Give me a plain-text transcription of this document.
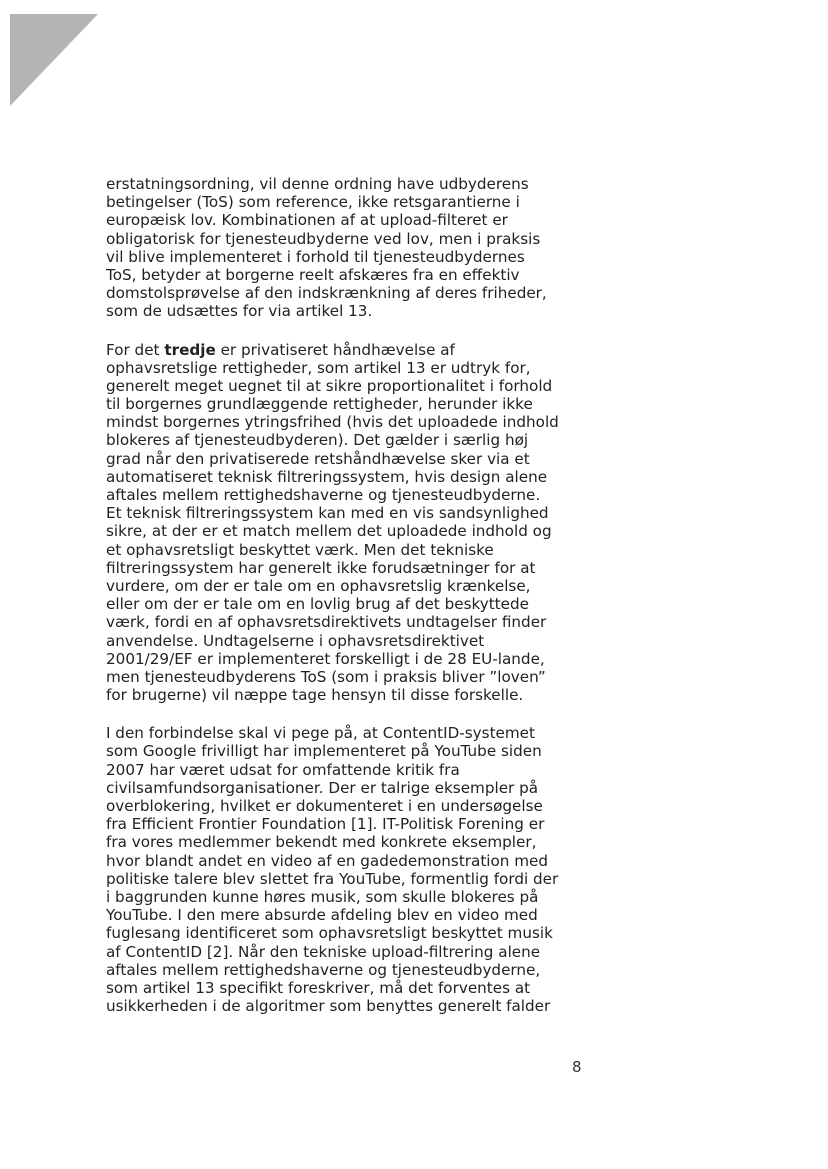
erstatningsordning, vil denne ordning have udbyderens
betingelser (ToS) som reference, ikke retsgarantierne i
europæisk lov. Kombinationen af at upload-filteret er
obligatorisk for tjenesteudbyderne ved lov, men i praksis
vil blive implementeret i forhold til tjenesteudbydernes
ToS, betyder at borgerne reelt afskæres fra en effektiv
domstolsprøvelse af den indskrænkning af deres friheder,
som de udsættes for via artikel 13.
For det tredje er privatiseret håndhævelse af
ophavsretslige rettigheder, som artikel 13 er udtryk for,
generelt meget uegnet til at sikre proportionalitet i forhold
til borgernes grundlæggende rettigheder, herunder ikke
mindst borgernes ytringsfrihed (hvis det uploadede indhold
blokeres af tjenesteudbyderen). Det gælder i særlig høj
grad når den privatiserede retshåndhævelse sker via et
automatiseret teknisk filtreringssystem, hvis design alene
aftales mellem rettighedshaverne og tjenesteudbyderne.
Et teknisk filtreringssystem kan med en vis sandsynlighed
sikre, at der er et match mellem det uploadede indhold og
et ophavsretsligt beskyttet værk. Men det tekniske
filtreringssystem har generelt ikke forudsætninger for at
vurdere, om der er tale om en ophavsretslig krænkelse,
eller om der er tale om en lovlig brug af det beskyttede
værk, fordi en af ophavsretsdirektivets undtagelser finder
anvendelse. Undtagelserne i ophavsretsdirektivet
2001/29/EF er implementeret forskelligt i de 28 EU-lande,
men tjenesteudbyderens ToS (som i praksis bliver ”loven”
for brugerne) vil næppe tage hensyn til disse forskelle.
I den forbindelse skal vi pege på, at ContentID-systemet
som Google frivilligt har implementeret på YouTube siden
2007 har været udsat for omfattende kritik fra
civilsamfundsorganisationer. Der er talrige eksempler på
overblokering, hvilket er dokumenteret i en undersøgelse
fra Efficient Frontier Foundation [1]. IT-Politisk Forening er
fra vores medlemmer bekendt med konkrete eksempler,
hvor blandt andet en video af en gadedemonstration med
politiske talere blev slettet fra YouTube, formentlig fordi der
i baggrunden kunne høres musik, som skulle blokeres på
YouTube. I den mere absurde afdeling blev en video med
fuglesang identificeret som ophavsretsligt beskyttet musik
af ContentID [2]. Når den tekniske upload-filtrering alene
aftales mellem rettighedshaverne og tjenesteudbyderne,
som artikel 13 specifikt foreskriver, må det forventes at
usikkerheden i de algoritmer som benyttes generelt falder
8
